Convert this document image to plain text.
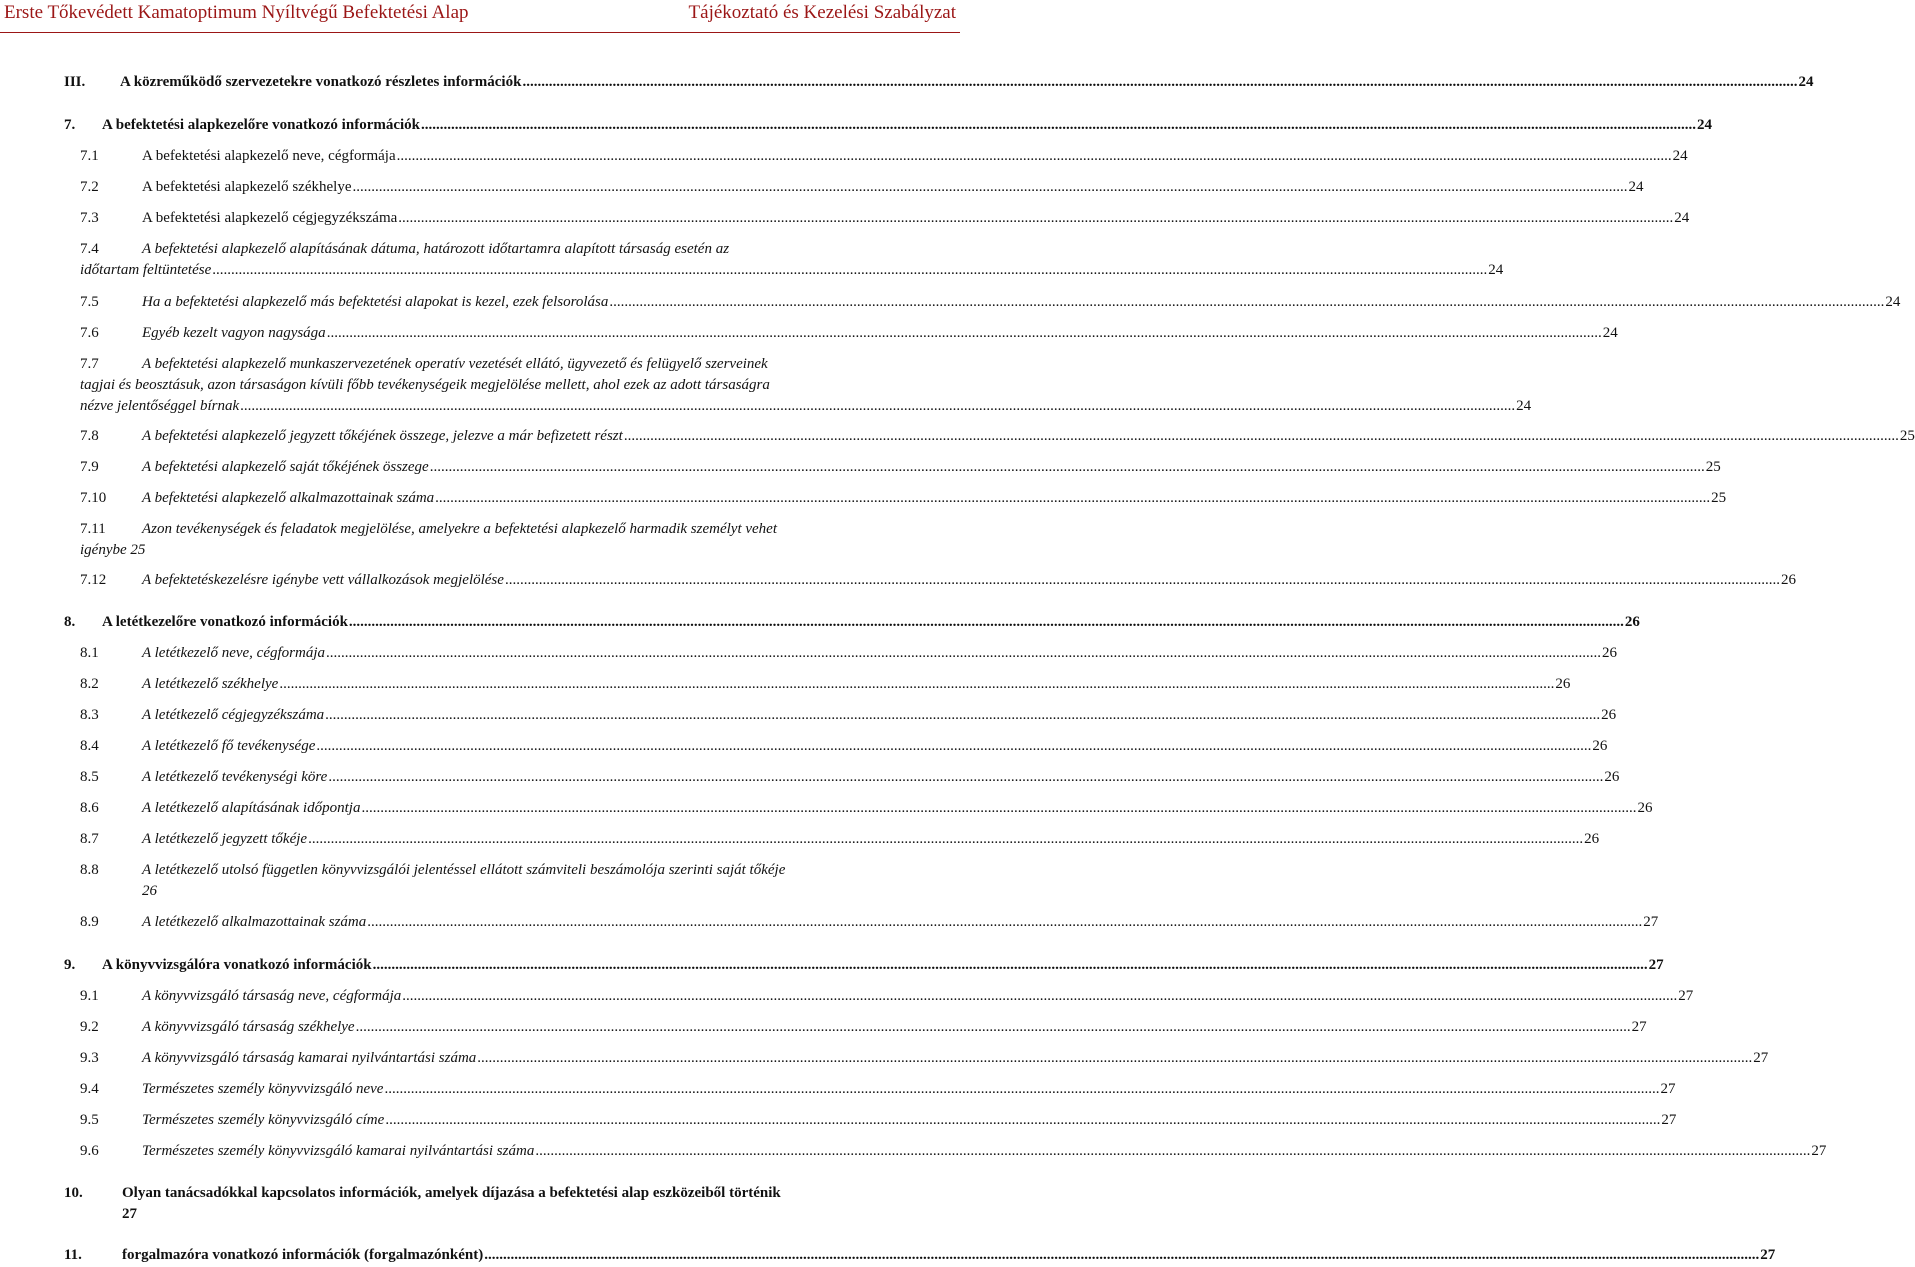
Erste Tőkevédett Kamatoptimum Nyíltvégű Befektetési Alap	Tájékoztató és Kezelési Szabályzat
III.	A közreműködő szervezetekre vonatkozó részletes információk .....	24
7.	A befektetési alapkezelőre vonatkozó információk .....	24
7.1	A befektetési alapkezelő neve, cégformája .....	24
7.2	A befektetési alapkezelő székhelye .....	24
7.3	A befektetési alapkezelő cégjegyzékszáma .....	24
7.4	A befektetési alapkezelő alapításának dátuma, határozott időtartamra alapított társaság esetén az
időtartam feltüntetése .....	24
7.5	Ha a befektetési alapkezelő más befektetési alapokat is kezel, ezek felsorolása .....	24
7.6	Egyéb kezelt vagyon nagysága .....	24
7.7	A befektetési alapkezelő munkaszervezetének operatív vezetését ellátó, ügyvezető és felügyelő szerveinek
tagjai és beosztásuk, azon társaságon kívüli főbb tevékenységeik megjelölése mellett, ahol ezek az adott társaságra
nézve jelentőséggel bírnak .....	24
7.8	A befektetési alapkezelő jegyzett tőkéjének összege, jelezve a már befizetett részt .....	25
7.9	A befektetési alapkezelő saját tőkéjének összege .....	25
7.10	A befektetési alapkezelő alkalmazottainak száma .....	25
7.11	Azon tevékenységek és feladatok megjelölése, amelyekre a befektetési alapkezelő harmadik személyt vehet
igénybe 25
7.12	A befektetéskezelésre igénybe vett vállalkozások megjelölése .....	26
8.	A letétkezelőre vonatkozó információk .....	26
8.1	A letétkezelő neve, cégformája .....	26
8.2	A letétkezelő székhelye .....	26
8.3	A letétkezelő cégjegyzékszáma .....	26
8.4	A letétkezelő fő tevékenysége .....	26
8.5	A letétkezelő tevékenységi köre .....	26
8.6	A letétkezelő alapításának időpontja .....	26
8.7	A letétkezelő jegyzett tőkéje .....	26
8.8	A letétkezelő utolsó független könyvvizsgálói jelentéssel ellátott számviteli beszámolója szerinti saját tőkéje
26
8.9	A letétkezelő alkalmazottainak száma .....	27
9.	A könyvvizsgálóra vonatkozó információk .....	27
9.1	A könyvvizsgáló társaság neve, cégformája .....	27
9.2	A könyvvizsgáló társaság székhelye .....	27
9.3	A könyvvizsgáló társaság kamarai nyilvántartási száma .....	27
9.4	Természetes személy könyvvizsgáló neve .....	27
9.5	Természetes személy könyvvizsgáló címe .....	27
9.6	Természetes személy könyvvizsgáló kamarai nyilvántartási száma .....	27
10.	Olyan tanácsadókkal kapcsolatos információk, amelyek díjazása a befektetési alap eszközeiből történik
27
11.	forgalmazóra vonatkozó információk (forgalmazónként) .....	27
